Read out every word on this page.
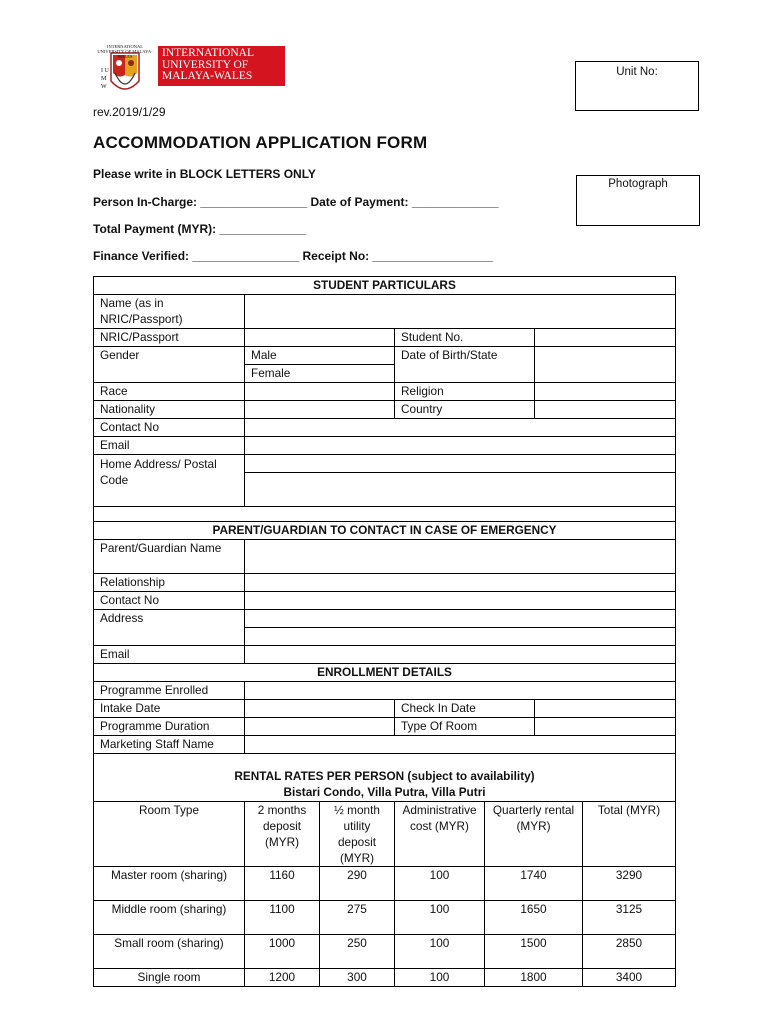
INTERNATIONAL UNIVERSITY OF MALAYA-WALES
I U M W
INTERNATIONAL
UNIVERSITY OF
MALAYA-WALES
rev.2019/1/29
ACCOMMODATION APPLICATION FORM
Unit No:
Photograph
Please write in BLOCK LETTERS ONLY
Person In-Charge: ________________ Date of Payment: _____________
Total Payment (MYR): _____________
Finance Verified: ________________ Receipt No: __________________
STUDENT PARTICULARS						
Name (as in NRIC/Passport)						
NRIC/Passport			Student No.			
Gender	Male		Date of Birth/State			
	Female					
Race			Religion			
Nationality			Country			
Contact No						
Email						
Home Address/ Postal Code						

PARENT/GUARDIAN TO CONTACT IN CASE OF EMERGENCY						
Parent/Guardian Name						
Relationship						
Contact No						
Address						

Email						
ENROLLMENT DETAILS						
Programme Enrolled						
Intake Date			Check In Date			
Programme Duration			Type Of Room			
Marketing Staff Name						
RENTAL RATES PER PERSON (subject to availability)						
Bistari Condo, Villa Putra, Villa Putri						
Room Type	2 months deposit (MYR)	½ month utility deposit (MYR)	Administrative cost (MYR)	Quarterly rental (MYR)		Total (MYR)
Master room (sharing)	1160	290	100	1740		3290
Middle room (sharing)	1100	275	100	1650		3125
Small room (sharing)	1000	250	100	1500		2850
Single room	1200	300	100	1800		3400
